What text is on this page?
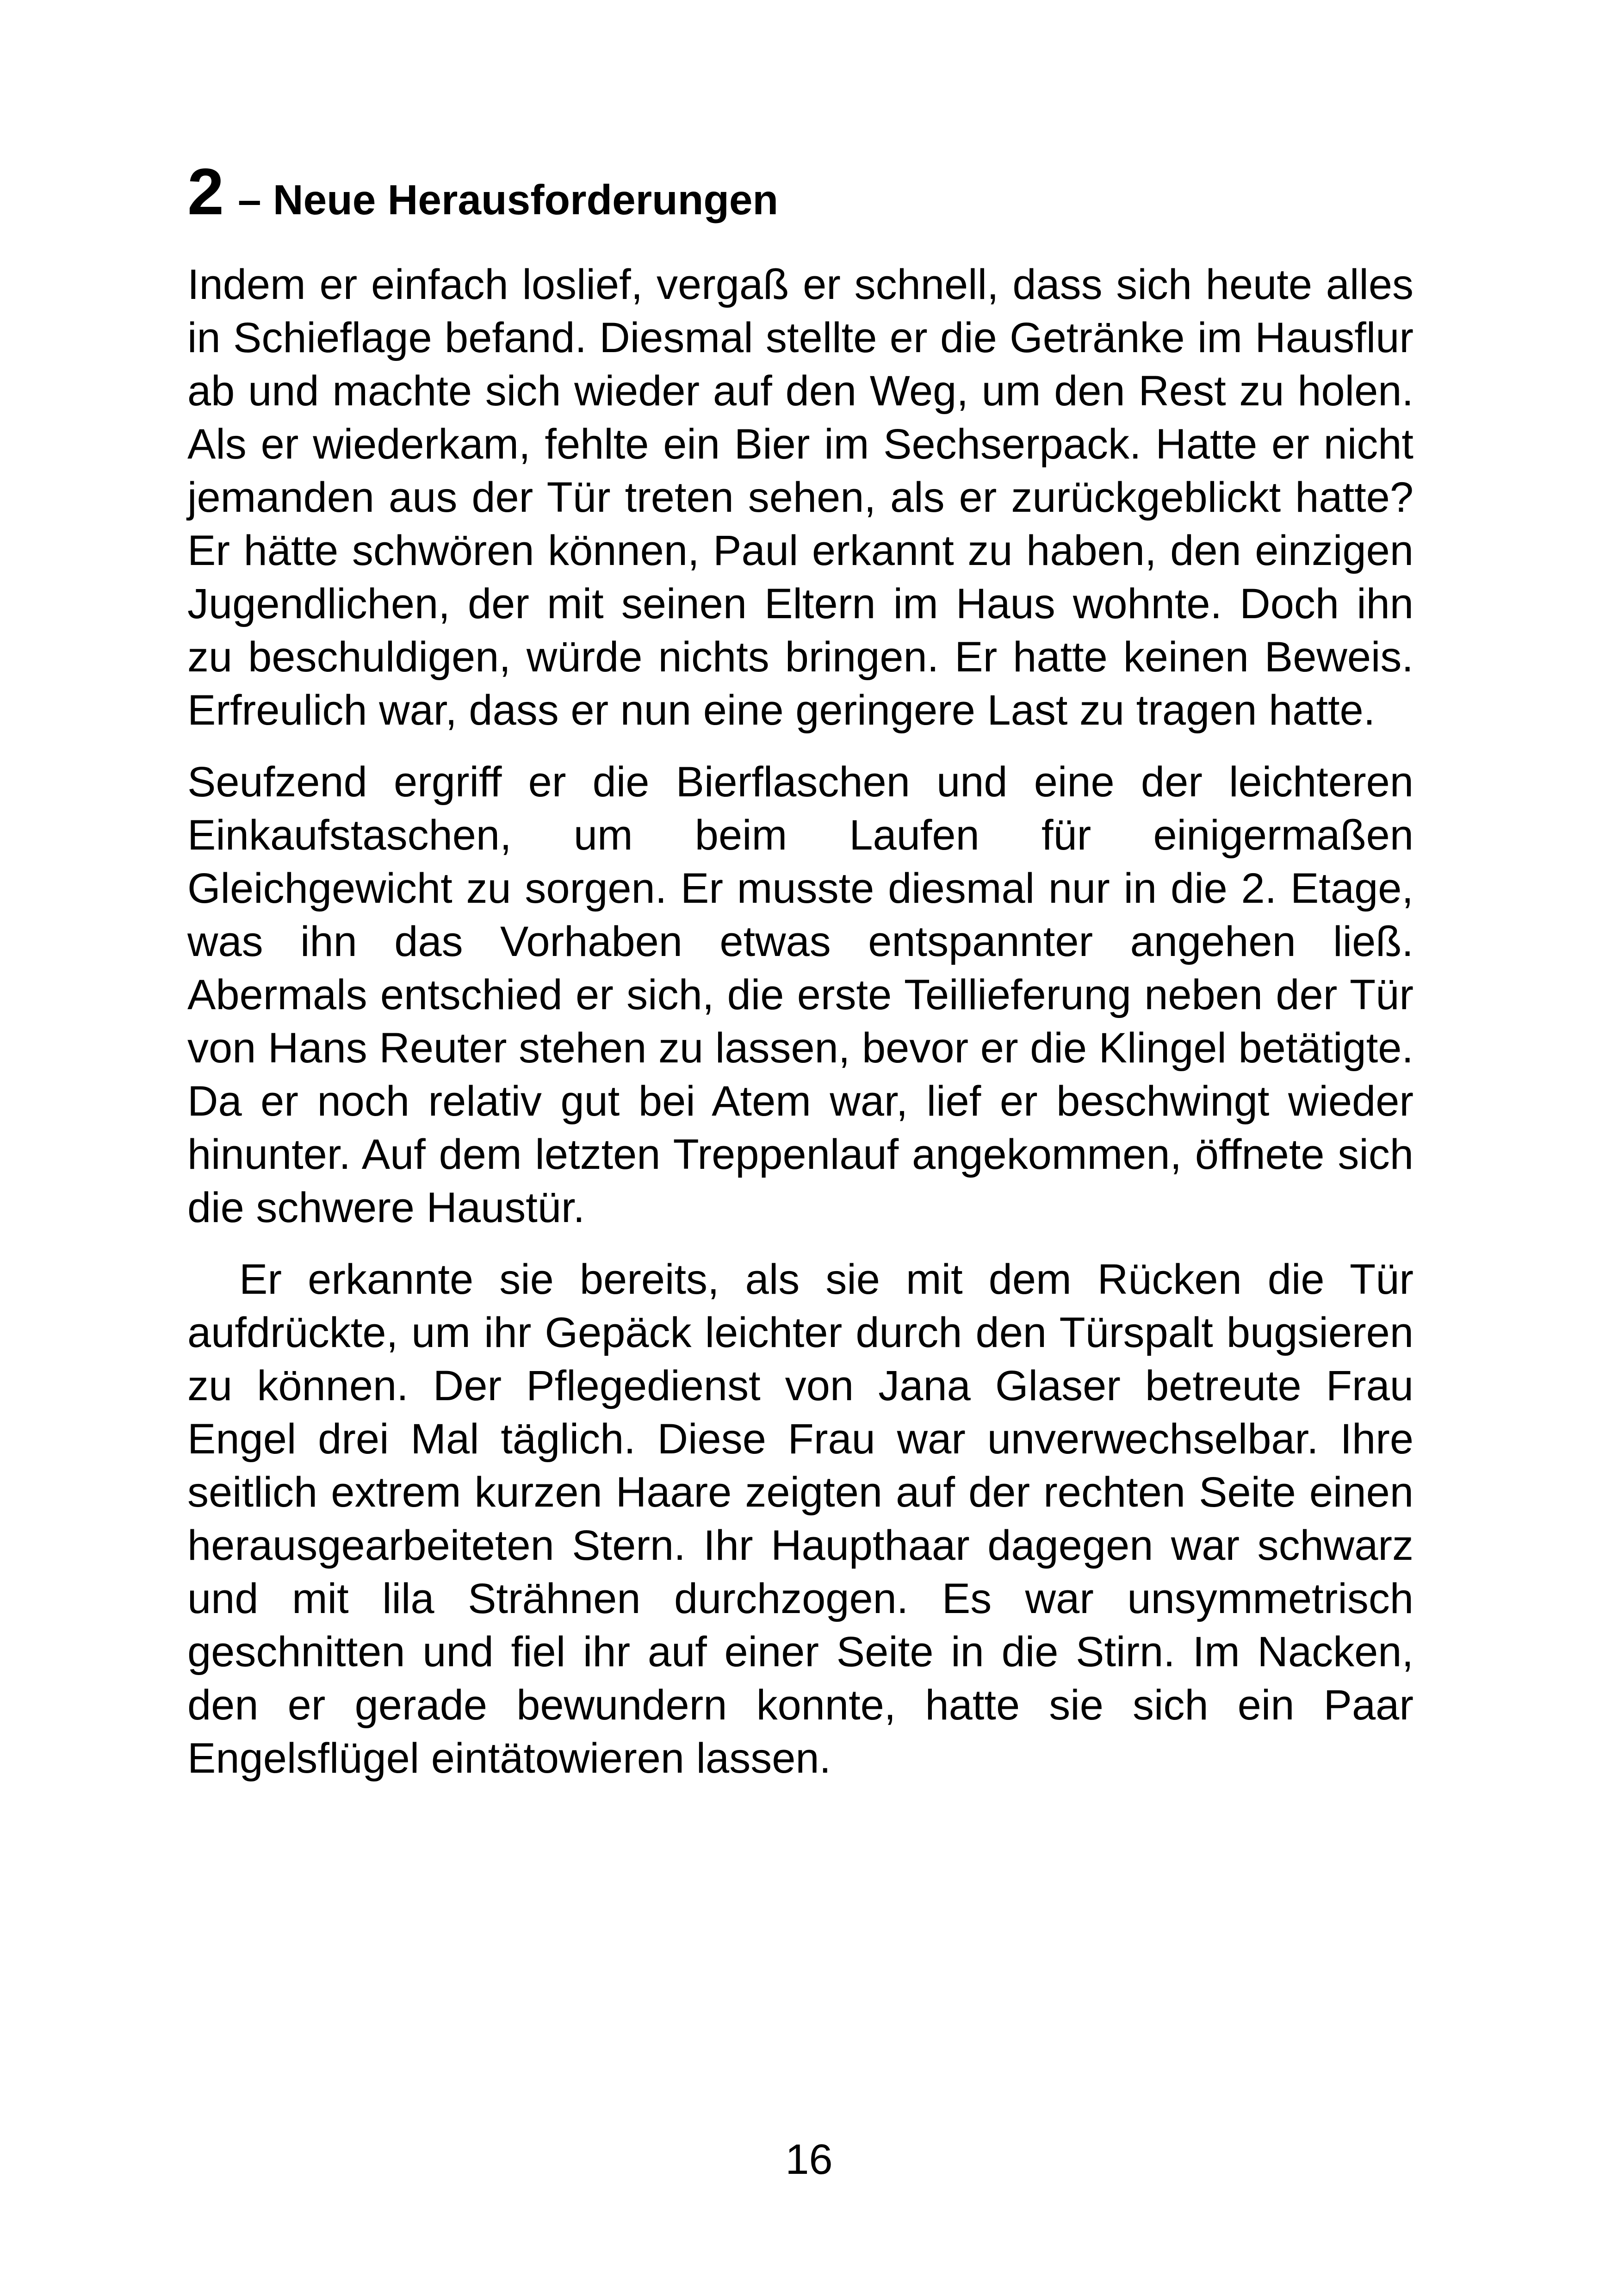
2 – Neue Herausforderungen

Indem er einfach loslief, vergaß er schnell, dass sich heute alles in Schieflage befand. Diesmal stellte er die Getränke im Hausflur ab und machte sich wieder auf den Weg, um den Rest zu holen. Als er wiederkam, fehlte ein Bier im Sechserpack. Hatte er nicht jemanden aus der Tür treten sehen, als er zurückgeblickt hatte? Er hätte schwören können, Paul erkannt zu haben, den einzigen Jugendlichen, der mit seinen Eltern im Haus wohnte. Doch ihn zu beschuldigen, würde nichts bringen. Er hatte keinen Beweis. Erfreulich war, dass er nun eine geringere Last zu tragen hatte.

Seufzend ergriff er die Bierflaschen und eine der leichteren Einkaufstaschen, um beim Laufen für einigermaßen Gleichgewicht zu sorgen. Er musste diesmal nur in die 2. Etage, was ihn das Vorhaben etwas entspannter angehen ließ. Abermals entschied er sich, die erste Teillieferung neben der Tür von Hans Reuter stehen zu lassen, bevor er die Klingel betätigte. Da er noch relativ gut bei Atem war, lief er beschwingt wieder hinunter. Auf dem letzten Treppenlauf angekommen, öffnete sich die schwere Haustür.

Er erkannte sie bereits, als sie mit dem Rücken die Tür aufdrückte, um ihr Gepäck leichter durch den Türspalt bugsieren zu können. Der Pflegedienst von Jana Glaser betreute Frau Engel drei Mal täglich. Diese Frau war unverwechselbar. Ihre seitlich extrem kurzen Haare zeigten auf der rechten Seite einen herausgearbeiteten Stern. Ihr Haupthaar dagegen war schwarz und mit lila Strähnen durchzogen. Es war unsymmetrisch geschnitten und fiel ihr auf einer Seite in die Stirn. Im Nacken, den er gerade bewundern konnte, hatte sie sich ein Paar Engelsflügel eintätowieren lassen.

16
